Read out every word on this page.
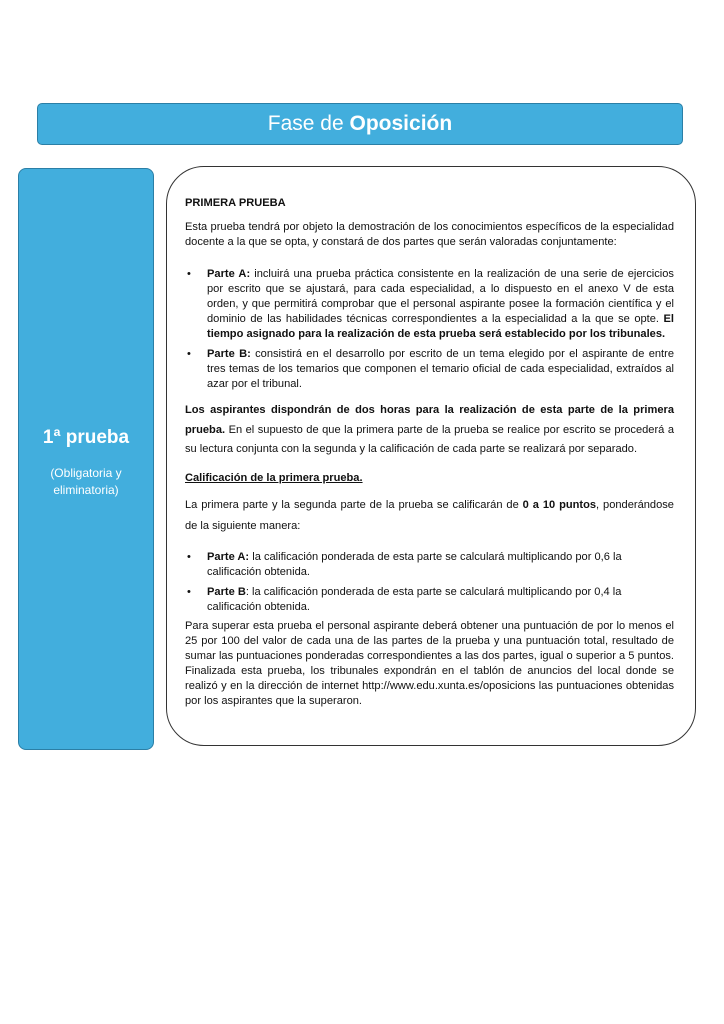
Fase de
Oposición
1ª prueba
(Obligatoria y
eliminatoria)

PRIMERA PRUEBA

Esta prueba tendrá por objeto la demostración de los conocimientos específicos de la especialidad docente a la que se opta, y constará de dos partes que serán valoradas conjuntamente:

• Parte A: incluirá una prueba práctica consistente en la realización de una serie de ejercicios por escrito que se ajustará, para cada especialidad, a lo dispuesto en el anexo V de esta orden, y que permitirá comprobar que el personal aspirante posee la formación científica y el dominio de las habilidades técnicas correspondientes a la especialidad a la que se opte. El tiempo asignado para la realización de esta prueba será establecido por los tribunales.
• Parte B: consistirá en el desarrollo por escrito de un tema elegido por el aspirante de entre tres temas de los temarios que componen el temario oficial de cada especialidad, extraídos al azar por el tribunal.

Los aspirantes dispondrán de dos horas para la realización de esta parte de la primera prueba. En el supuesto de que la primera parte de la prueba se realice por escrito se procederá a su lectura conjunta con la segunda y la calificación de cada parte se realizará por separado.

Calificación de la primera prueba.

La primera parte y la segunda parte de la prueba se calificarán de 0 a 10 puntos, ponderándose de la siguiente manera:

• Parte A: la calificación ponderada de esta parte se calculará multiplicando por 0,6 la calificación obtenida.
• Parte B: la calificación ponderada de esta parte se calculará multiplicando por 0,4 la calificación obtenida.

Para superar esta prueba el personal aspirante deberá obtener una puntuación de por lo menos el 25 por 100 del valor de cada una de las partes de la prueba y una puntuación total, resultado de sumar las puntuaciones ponderadas correspondientes a las dos partes, igual o superior a 5 puntos. Finalizada esta prueba, los tribunales expondrán en el tablón de anuncios del local donde se realizó y en la dirección de internet http://www.edu.xunta.es/oposicions las puntuaciones obtenidas por los aspirantes que la superaron.
